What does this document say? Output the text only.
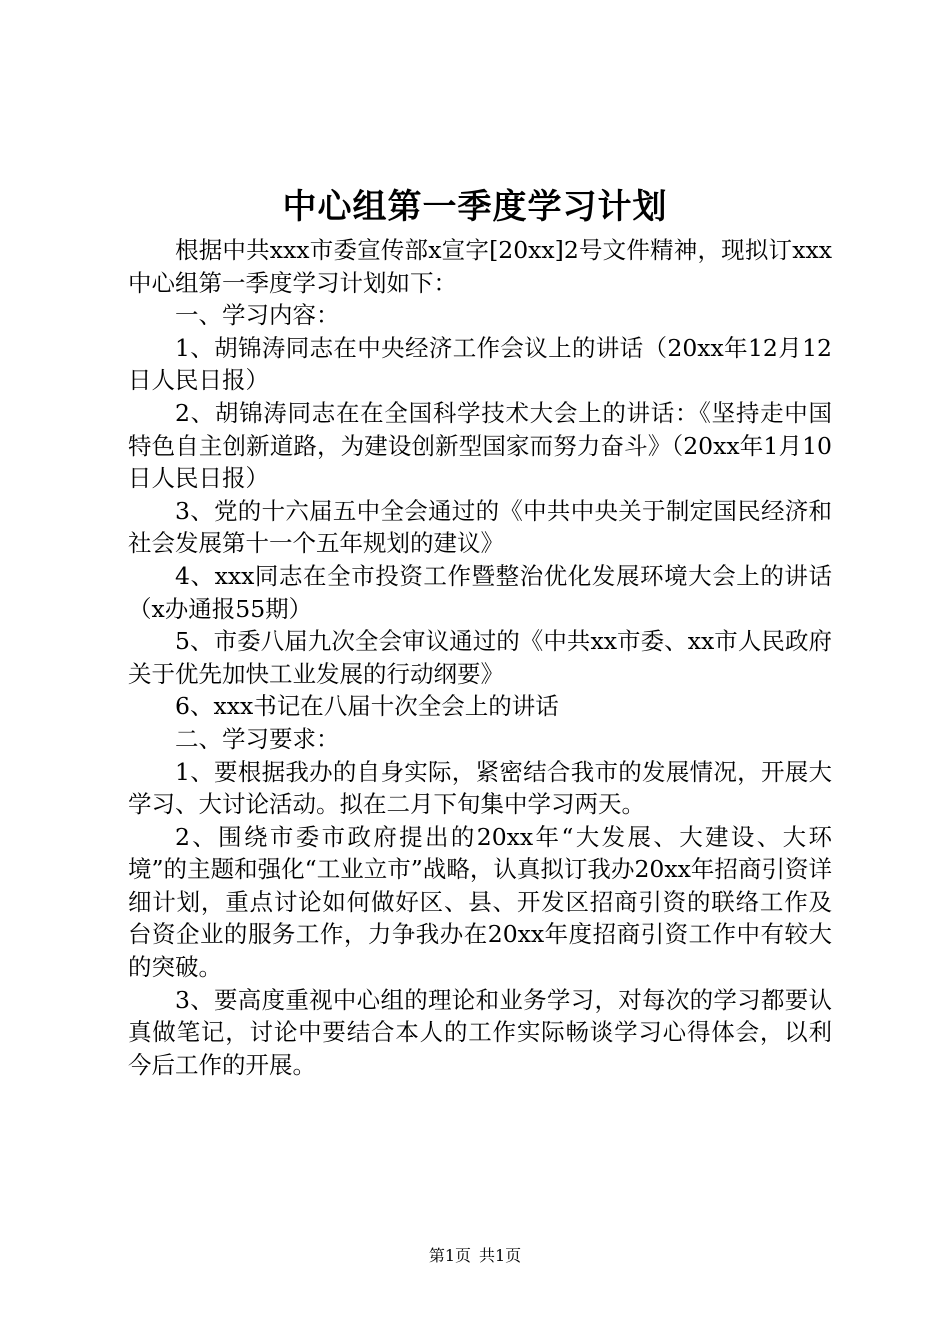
中心组第一季度学习计划

根据中共xxx市委宣传部x宣字[20xx]2号文件精神，现拟订xxx中心组第一季度学习计划如下：

一、学习内容：

1、胡锦涛同志在中央经济工作会议上的讲话（20xx年12月12日人民日报）

2、胡锦涛同志在在全国科学技术大会上的讲话：《坚持走中国特色自主创新道路，为建设创新型国家而努力奋斗》（20xx年1月10日人民日报）

3、党的十六届五中全会通过的《中共中央关于制定国民经济和社会发展第十一个五年规划的建议》

4、xxx同志在全市投资工作暨整治优化发展环境大会上的讲话（x办通报55期）

5、市委八届九次全会审议通过的《中共xx市委、xx市人民政府关于优先加快工业发展的行动纲要》

6、xxx书记在八届十次全会上的讲话

二、学习要求：

1、要根据我办的自身实际，紧密结合我市的发展情况，开展大学习、大讨论活动。拟在二月下旬集中学习两天。

2、围绕市委市政府提出的20xx年“大发展、大建设、大环境”的主题和强化“工业立市”战略，认真拟订我办20xx年招商引资详细计划，重点讨论如何做好区、县、开发区招商引资的联络工作及台资企业的服务工作，力争我办在20xx年度招商引资工作中有较大的突破。

3、要高度重视中心组的理论和业务学习，对每次的学习都要认真做笔记，讨论中要结合本人的工作实际畅谈学习心得体会，以利今后工作的开展。

第1页 共1页
